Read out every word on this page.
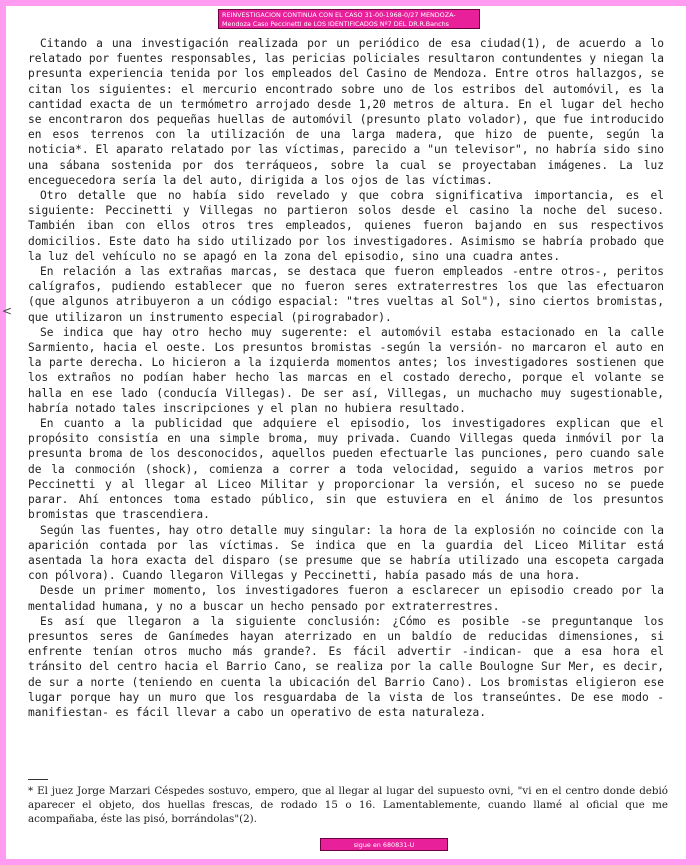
REINVESTIGACION CONTINUA CON EL CASO 31-00-1968-0/27 MENDOZA-
Mendoza Caso Peccinetti de LOS IDENTIFICADOS Nº7 DEL DR.R.Banchs
<

Citando a una investigación realizada por un periódico de esa ciudad(1), de acuerdo a lo relatado por fuentes responsables, las pericias policiales resultaron contundentes y niegan la presunta experiencia tenida por los empleados del Casino de Mendoza. Entre otros hallazgos, se citan los siguientes: el mercurio encontrado sobre uno de los estribos del automóvil, es la cantidad exacta de un termómetro arrojado desde 1,20 metros de altura. En el lugar del hecho se encontraron dos pequeñas huellas de automóvil (presunto plato volador), que fue introducido en esos terrenos con la utilización de una larga madera, que hizo de puente, según la noticia*. El aparato relatado por las víctimas, parecido a "un televisor", no habría sido sino una sábana sostenida por dos terráqueos, sobre la cual se proyectaban imágenes. La luz enceguecedora sería la del auto, dirigida a los ojos de las víctimas.

Otro detalle que no había sido revelado y que cobra significativa importancia, es el siguiente: Peccinetti y Villegas no partieron solos desde el casino la noche del suceso. También iban con ellos otros tres empleados, quienes fueron bajando en sus respectivos domicilios. Este dato ha sido utilizado por los investigadores. Asimismo se habría probado que la luz del vehículo no se apagó en la zona del episodio, sino una cuadra antes.

En relación a las extrañas marcas, se destaca que fueron empleados -entre otros-, peritos calígrafos, pudiendo establecer que no fueron seres extraterrestres los que las efectuaron (que algunos atribuyeron a un código espacial: "tres vueltas al Sol"), sino ciertos bromistas, que utilizaron un instrumento especial (pirograbador).

Se indica que hay otro hecho muy sugerente: el automóvil estaba estacionado en la calle Sarmiento, hacia el oeste. Los presuntos bromistas -según la versión- no marcaron el auto en la parte derecha. Lo hicieron a la izquierda momentos antes; los investigadores sostienen que los extraños no podían haber hecho las marcas en el costado derecho, porque el volante se halla en ese lado (conducía Villegas). De ser así, Villegas, un muchacho muy sugestionable, habría notado tales inscripciones y el plan no hubiera resultado.

En cuanto a la publicidad que adquiere el episodio, los investigadores explican que el propósito consistía en una simple broma, muy privada. Cuando Villegas queda inmóvil por la presunta broma de los desconocidos, aquellos pueden efectuarle las punciones, pero cuando sale de la conmoción (shock), comienza a correr a toda velocidad, seguido a varios metros por Peccinetti y al llegar al Liceo Militar y proporcionar la versión, el suceso no se puede parar. Ahí entonces toma estado público, sin que estuviera en el ánimo de los presuntos bromistas que trascendiera.

Según las fuentes, hay otro detalle muy singular: la hora de la explosión no coincide con la aparición contada por las víctimas. Se indica que en la guardia del Liceo Militar está asentada la hora exacta del disparo (se presume que se habría utilizado una escopeta cargada con pólvora). Cuando llegaron Villegas y Peccinetti, había pasado más de una hora.

Desde un primer momento, los investigadores fueron a esclarecer un episodio creado por la mentalidad humana, y no a buscar un hecho pensado por extraterrestres.

Es así que llegaron a la siguiente conclusión: ¿Cómo es posible -se preguntanque los presuntos seres de Ganímedes hayan aterrizado en un baldío de reducidas dimensiones, si enfrente tenían otros mucho más grande?. Es fácil advertir -indican- que a esa hora el tránsito del centro hacia el Barrio Cano, se realiza por la calle Boulogne Sur Mer, es decir, de sur a norte (teniendo en cuenta la ubicación del Barrio Cano). Los bromistas eligieron ese lugar porque hay un muro que los resguardaba de la vista de los transeúntes. De ese modo -manifiestan- es fácil llevar a cabo un operativo de esta naturaleza.

* El juez Jorge Marzari Céspedes sostuvo, empero, que al llegar al lugar del supuesto ovni, "vi en el centro donde debió aparecer el objeto, dos huellas frescas, de rodado 15 o 16. Lamentablemente, cuando llamé al oficial que me acompañaba, éste las pisó, borrándolas"(2).
sigue en 680831-U
